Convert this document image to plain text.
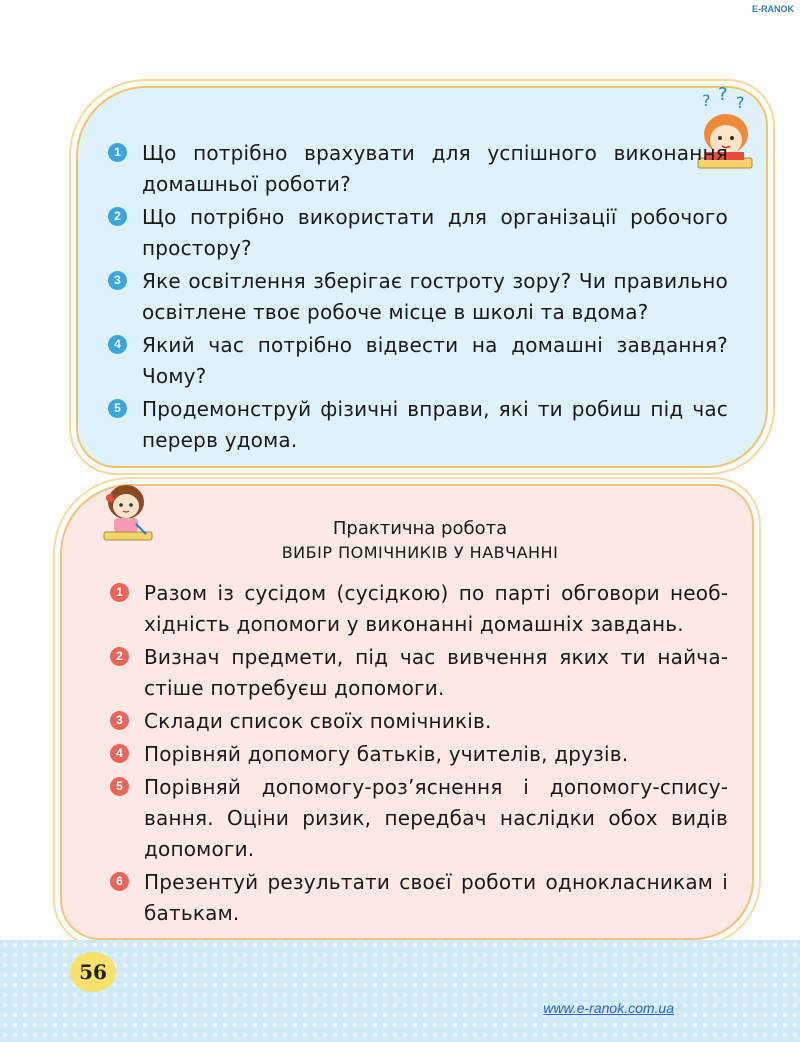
E-RANOK
? ? ?
1	Що потрібно врахувати для успішного виконання домашньої роботи?
2	Що потрібно використати для організації робочого простору?
3	Яке освітлення зберігає гостроту зору? Чи правильно освітлене твоє робоче місце в школі та вдома?
4	Який час потрібно відвести на домашні завдання? Чому?
5	Продемонструй фізичні вправи, які ти робиш під час перерв удома.
Практична робота
ВИБІР ПОМІЧНИКІВ У НАВЧАННІ
1	Разом із сусідом (сусідкою) по парті обговори необхідність допомоги у виконанні домашніх завдань.
2	Визнач предмети, під час вивчення яких ти найчастіше потребуєш допомоги.
3	Склади список своїх помічників.
4	Порівняй допомогу батьків, учителів, друзів.
5	Порівняй допомогу-роз’яснення і допомогу-списування. Оціни ризик, передбач наслідки обох видів допомоги.
6	Презентуй результати своєї роботи однокласникам і батькам.
56
www.e-ranok.com.ua
